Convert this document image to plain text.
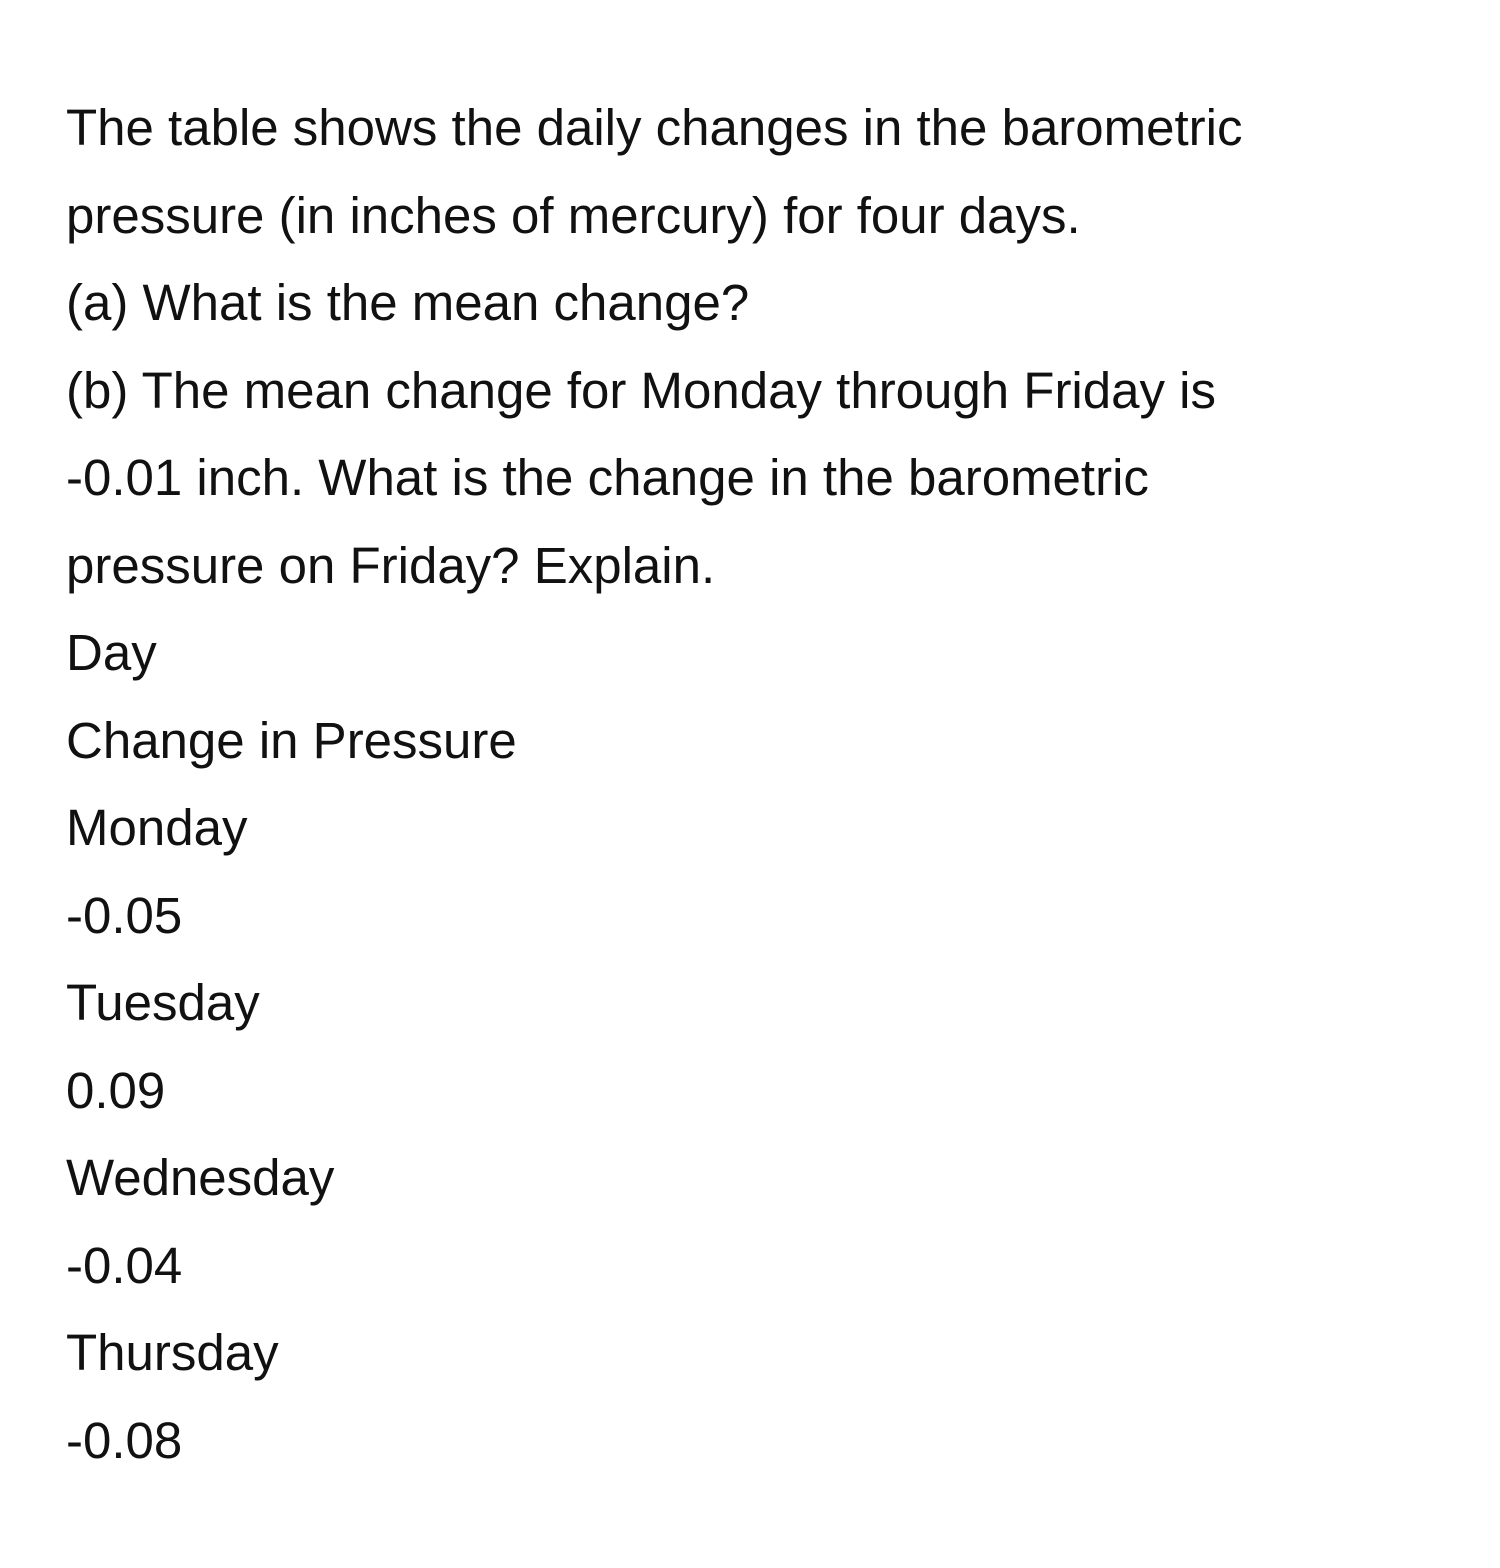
The table shows the daily changes in the barometric
pressure (in inches of mercury) for four days.
(a) What is the mean change?
(b) The mean change for Monday through Friday is
-0.01 inch. What is the change in the barometric
pressure on Friday? Explain.
Day
Change in Pressure
Monday
-0.05
Tuesday
0.09
Wednesday
-0.04
Thursday
-0.08
